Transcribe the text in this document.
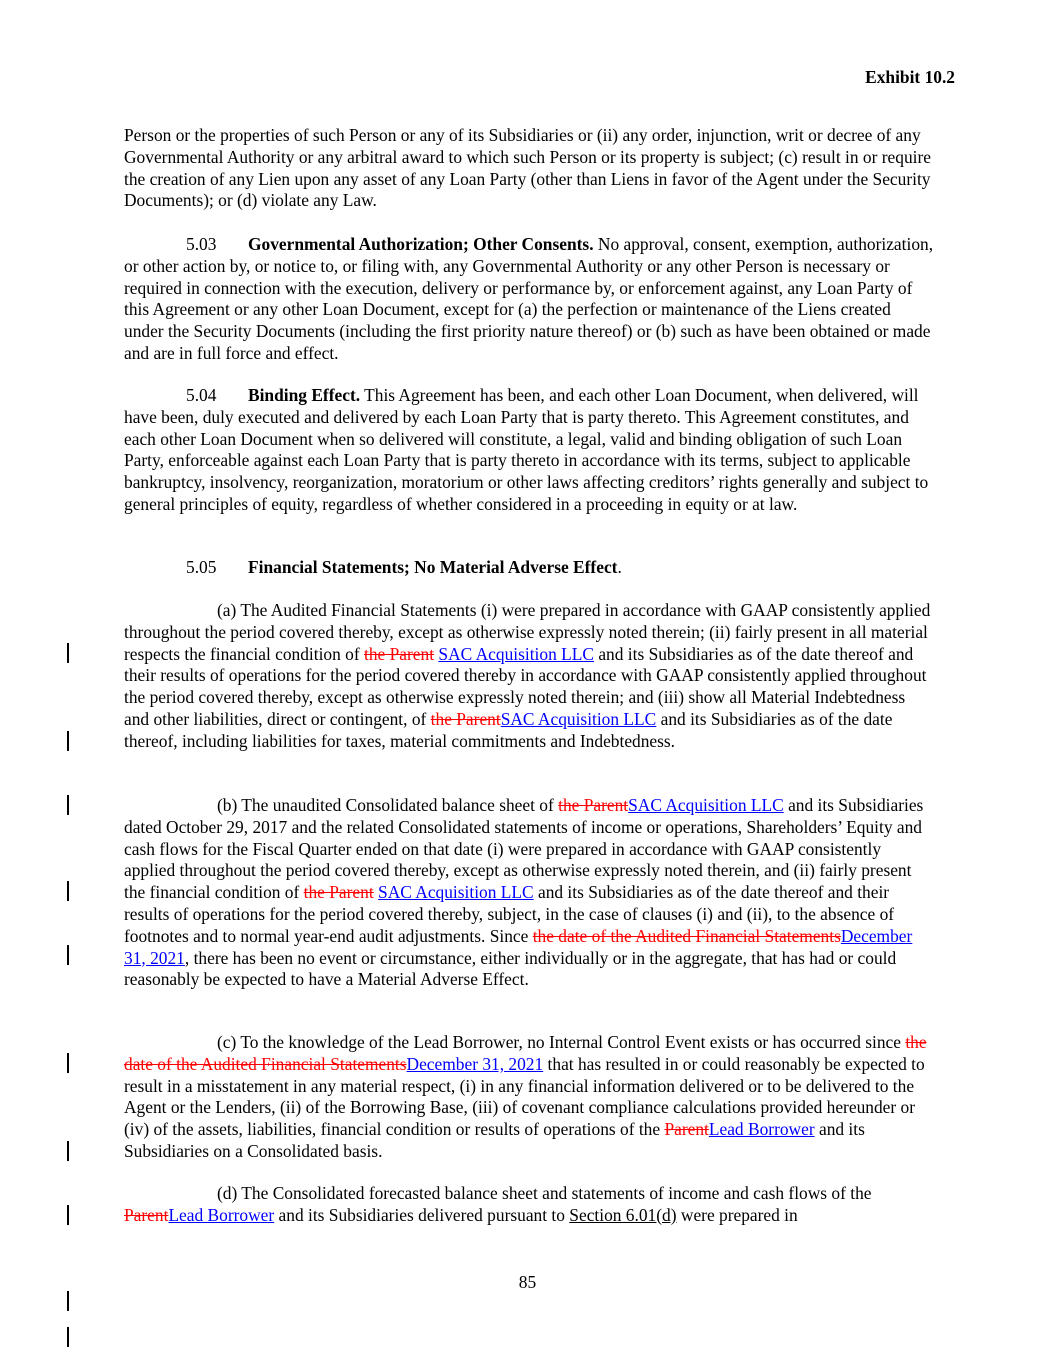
Exhibit 10.2

Person or the properties of such Person or any of its Subsidiaries or (ii) any order, injunction, writ or decree of any Governmental Authority or any arbitral award to which such Person or its property is subject; (c) result in or require the creation of any Lien upon any asset of any Loan Party (other than Liens in favor of the Agent under the Security Documents); or (d) violate any Law.

5.03 Governmental Authorization; Other Consents. No approval, consent, exemption, authorization, or other action by, or notice to, or filing with, any Governmental Authority or any other Person is necessary or required in connection with the execution, delivery or performance by, or enforcement against, any Loan Party of this Agreement or any other Loan Document, except for (a) the perfection or maintenance of the Liens created under the Security Documents (including the first priority nature thereof) or (b) such as have been obtained or made and are in full force and effect.

5.04 Binding Effect. This Agreement has been, and each other Loan Document, when delivered, will have been, duly executed and delivered by each Loan Party that is party thereto. This Agreement constitutes, and each other Loan Document when so delivered will constitute, a legal, valid and binding obligation of such Loan Party, enforceable against each Loan Party that is party thereto in accordance with its terms, subject to applicable bankruptcy, insolvency, reorganization, moratorium or other laws affecting creditors’ rights generally and subject to general principles of equity, regardless of whether considered in a proceeding in equity or at law.

5.05 Financial Statements; No Material Adverse Effect.

(a) The Audited Financial Statements (i) were prepared in accordance with GAAP consistently applied throughout the period covered thereby, except as otherwise expressly noted therein; (ii) fairly present in all material respects the financial condition of the Parent SAC Acquisition LLC and its Subsidiaries as of the date thereof and their results of operations for the period covered thereby in accordance with GAAP consistently applied throughout the period covered thereby, except as otherwise expressly noted therein; and (iii) show all Material Indebtedness and other liabilities, direct or contingent, of the ParentSAC Acquisition LLC and its Subsidiaries as of the date thereof, including liabilities for taxes, material commitments and Indebtedness.

(b) The unaudited Consolidated balance sheet of the ParentSAC Acquisition LLC and its Subsidiaries dated October 29, 2017 and the related Consolidated statements of income or operations, Shareholders’ Equity and cash flows for the Fiscal Quarter ended on that date (i) were prepared in accordance with GAAP consistently applied throughout the period covered thereby, except as otherwise expressly noted therein, and (ii) fairly present the financial condition of the Parent SAC Acquisition LLC and its Subsidiaries as of the date thereof and their results of operations for the period covered thereby, subject, in the case of clauses (i) and (ii), to the absence of footnotes and to normal year-end audit adjustments. Since the date of the Audited Financial StatementsDecember 31, 2021, there has been no event or circumstance, either individually or in the aggregate, that has had or could reasonably be expected to have a Material Adverse Effect.

(c) To the knowledge of the Lead Borrower, no Internal Control Event exists or has occurred since the date of the Audited Financial StatementsDecember 31, 2021 that has resulted in or could reasonably be expected to result in a misstatement in any material respect, (i) in any financial information delivered or to be delivered to the Agent or the Lenders, (ii) of the Borrowing Base, (iii) of covenant compliance calculations provided hereunder or (iv) of the assets, liabilities, financial condition or results of operations of the ParentLead Borrower and its Subsidiaries on a Consolidated basis.

(d) The Consolidated forecasted balance sheet and statements of income and cash flows of the ParentLead Borrower and its Subsidiaries delivered pursuant to Section 6.01(d) were prepared in

85
